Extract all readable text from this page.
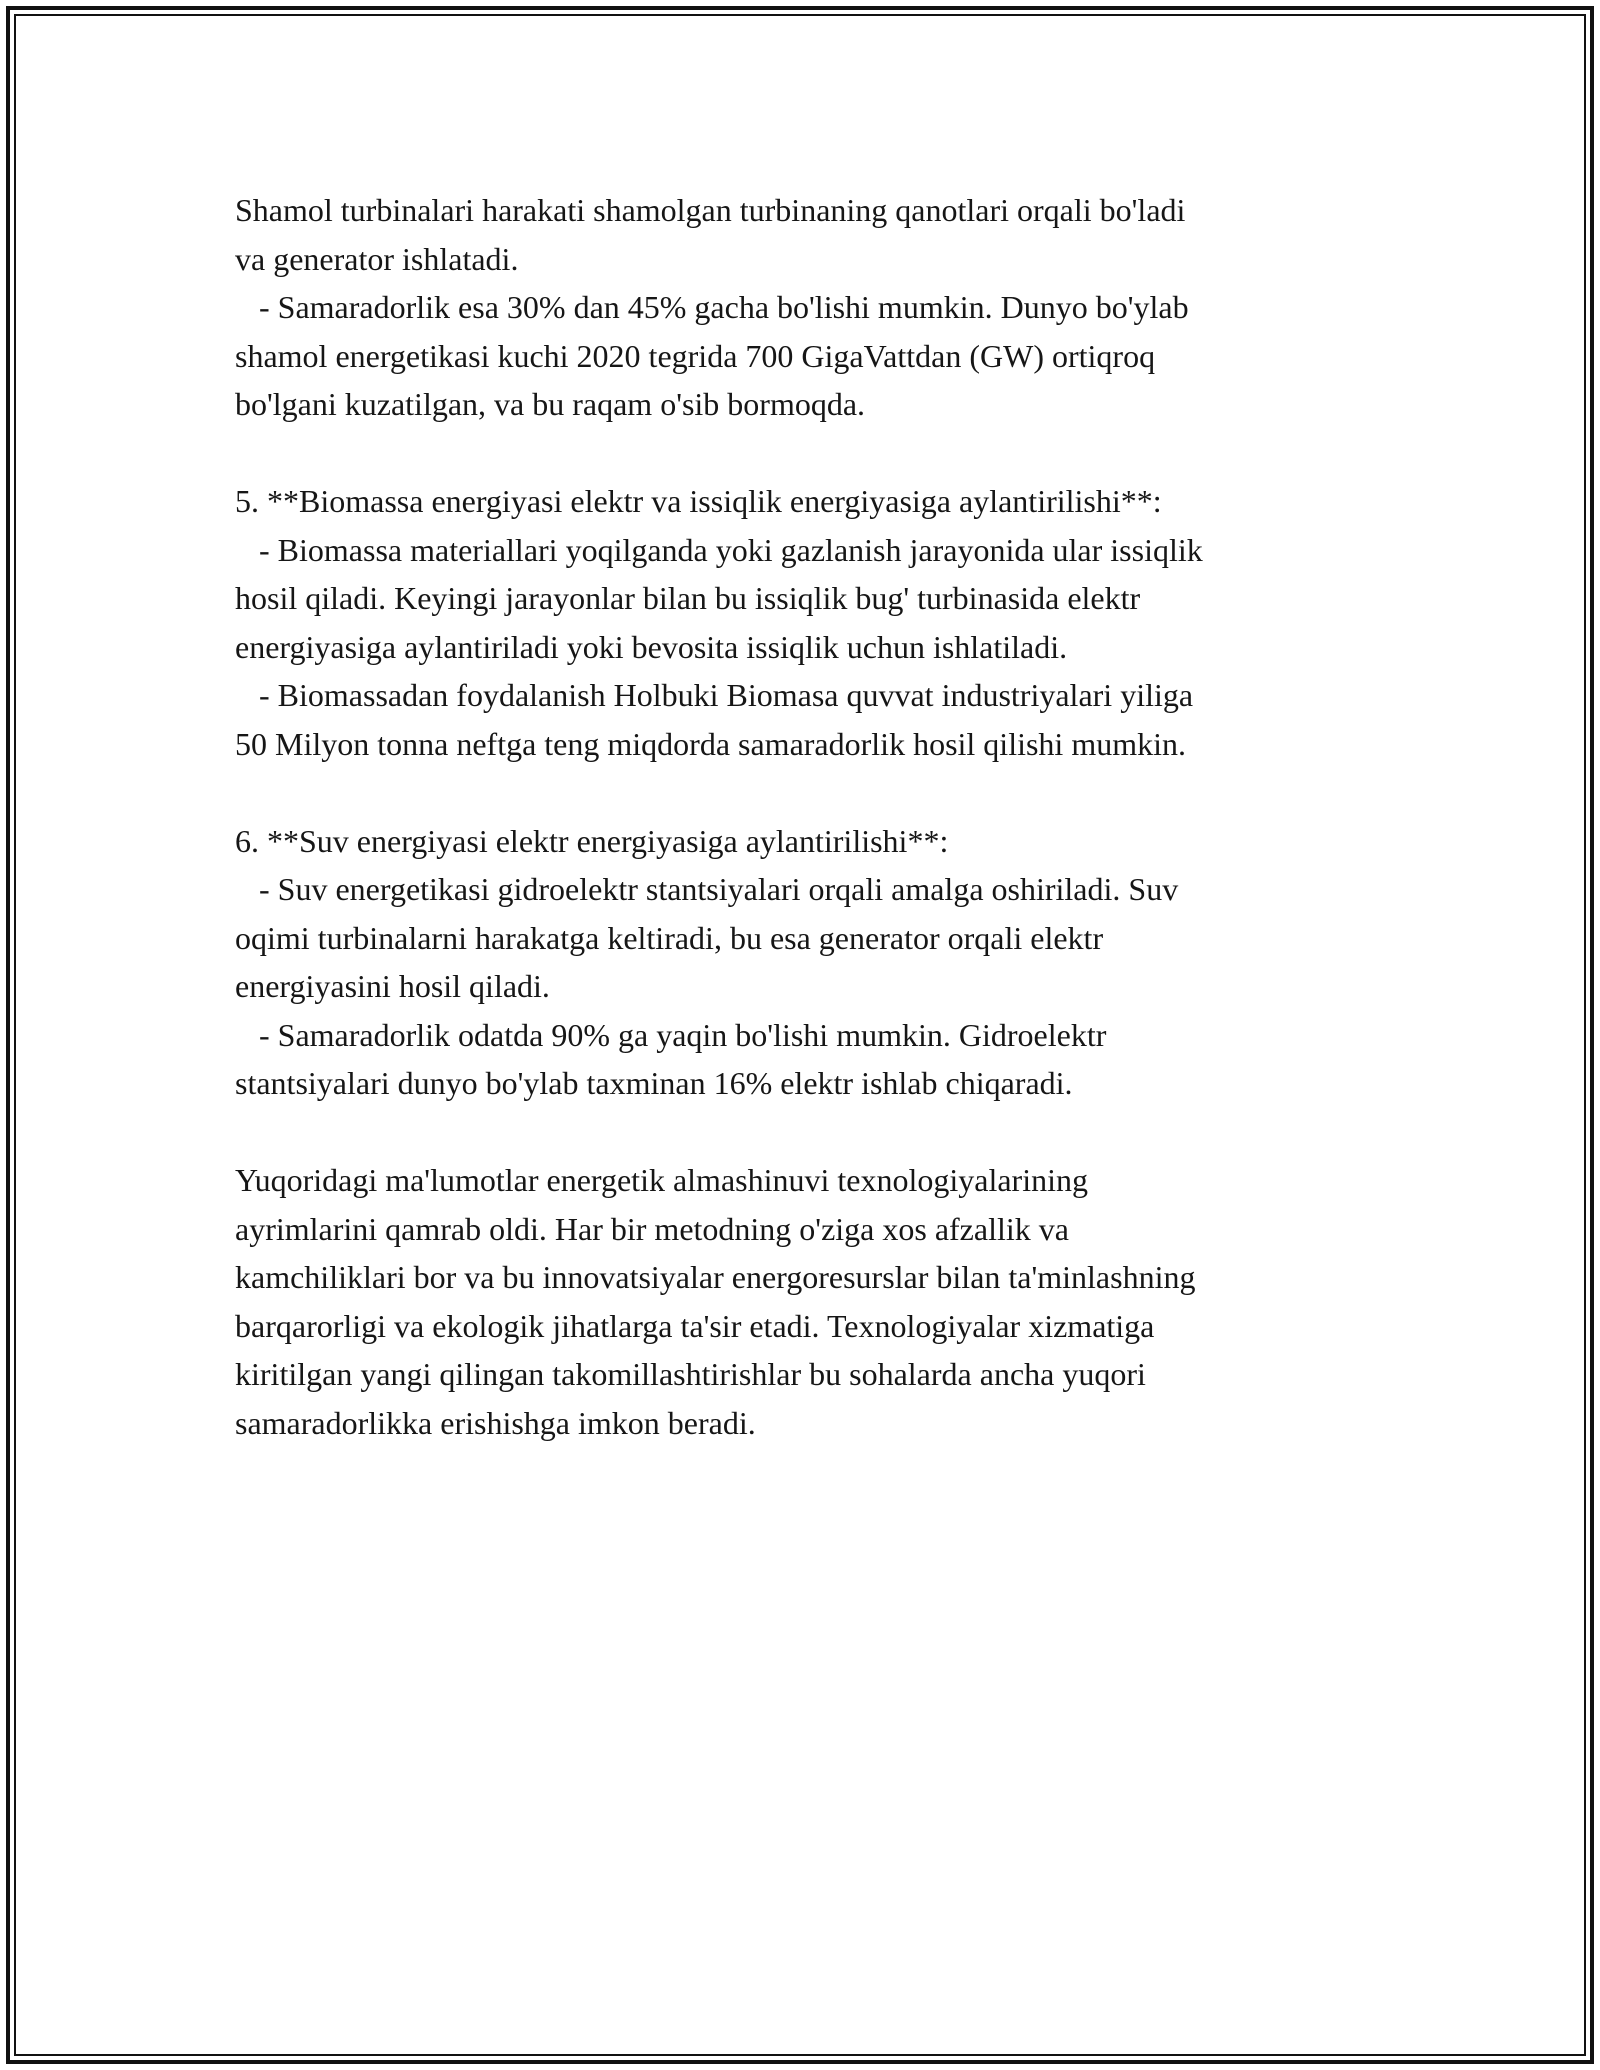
Shamol turbinalari harakati shamolgan turbinaning qanotlari orqali bo'ladi
va generator ishlatadi.
- Samaradorlik esa 30% dan 45% gacha bo'lishi mumkin. Dunyo bo'ylab
shamol energetikasi kuchi 2020 tegrida 700 GigaVattdan (GW) ortiqroq
bo'lgani kuzatilgan, va bu raqam o'sib bormoqda.
5. **Biomassa energiyasi elektr va issiqlik energiyasiga aylantirilishi**:
- Biomassa materiallari yoqilganda yoki gazlanish jarayonida ular issiqlik
hosil qiladi. Keyingi jarayonlar bilan bu issiqlik bug' turbinasida elektr
energiyasiga aylantiriladi yoki bevosita issiqlik uchun ishlatiladi.
- Biomassadan foydalanish Holbuki Biomasa quvvat industriyalari yiliga
50 Milyon tonna neftga teng miqdorda samaradorlik hosil qilishi mumkin.
6. **Suv energiyasi elektr energiyasiga aylantirilishi**:
- Suv energetikasi gidroelektr stantsiyalari orqali amalga oshiriladi. Suv
oqimi turbinalarni harakatga keltiradi, bu esa generator orqali elektr
energiyasini hosil qiladi.
- Samaradorlik odatda 90% ga yaqin bo'lishi mumkin. Gidroelektr
stantsiyalari dunyo bo'ylab taxminan 16% elektr ishlab chiqaradi.
Yuqoridagi ma'lumotlar energetik almashinuvi texnologiyalarining
ayrimlarini qamrab oldi. Har bir metodning o'ziga xos afzallik va
kamchiliklari bor va bu innovatsiyalar energoresurslar bilan ta'minlashning
barqarorligi va ekologik jihatlarga ta'sir etadi. Texnologiyalar xizmatiga
kiritilgan yangi qilingan takomillashtirishlar bu sohalarda ancha yuqori
samaradorlikka erishishga imkon beradi.
